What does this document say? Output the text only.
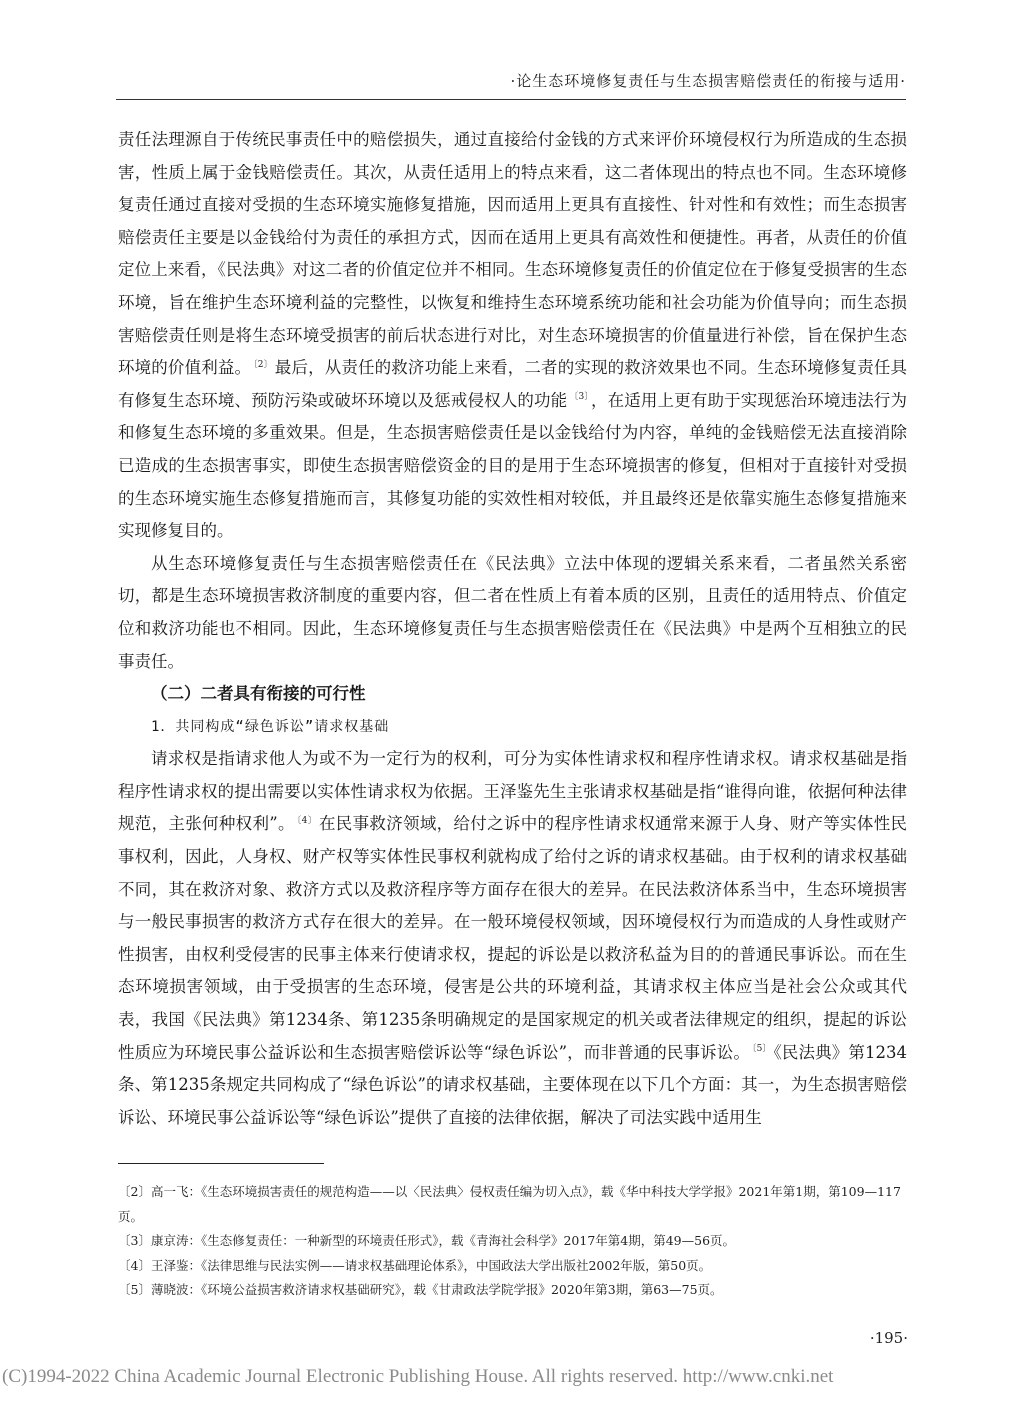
·论生态环境修复责任与生态损害赔偿责任的衔接与适用·

责任法理源自于传统民事责任中的赔偿损失，通过直接给付金钱的方式来评价环境侵权行为所造成的生态损害，性质上属于金钱赔偿责任。其次，从责任适用上的特点来看，这二者体现出的特点也不同。生态环境修复责任通过直接对受损的生态环境实施修复措施，因而适用上更具有直接性、针对性和有效性；而生态损害赔偿责任主要是以金钱给付为责任的承担方式，因而在适用上更具有高效性和便捷性。再者，从责任的价值定位上来看，《民法典》对这二者的价值定位并不相同。生态环境修复责任的价值定位在于修复受损害的生态环境，旨在维护生态环境利益的完整性，以恢复和维持生态环境系统功能和社会功能为价值导向；而生态损害赔偿责任则是将生态环境受损害的前后状态进行对比，对生态环境损害的价值量进行补偿，旨在保护生态环境的价值利益。 $^{〔2〕}$ 最后，从责任的救济功能上来看，二者的实现的救济效果也不同。生态环境修复责任具有修复生态环境、预防污染或破坏环境以及惩戒侵权人的功能 $^{〔3〕}$ ，在适用上更有助于实现惩治环境违法行为和修复生态环境的多重效果。但是，生态损害赔偿责任是以金钱给付为内容，单纯的金钱赔偿无法直接消除已造成的生态损害事实，即使生态损害赔偿资金的目的是用于生态环境损害的修复，但相对于直接针对受损的生态环境实施生态修复措施而言，其修复功能的实效性相对较低，并且最终还是依靠实施生态修复措施来实现修复目的。

从生态环境修复责任与生态损害赔偿责任在《民法典》立法中体现的逻辑关系来看，二者虽然关系密切，都是生态环境损害救济制度的重要内容，但二者在性质上有着本质的区别，且责任的适用特点、价值定位和救济功能也不相同。因此，生态环境修复责任与生态损害赔偿责任在《民法典》中是两个互相独立的民事责任。

（二）二者具有衔接的可行性

1．共同构成“绿色诉讼”请求权基础

请求权是指请求他人为或不为一定行为的权利，可分为实体性请求权和程序性请求权。请求权基础是指程序性请求权的提出需要以实体性请求权为依据。王泽鉴先生主张请求权基础是指“谁得向谁，依据何种法律规范，主张何种权利”。 $^{〔4〕}$ 在民事救济领域，给付之诉中的程序性请求权通常来源于人身、财产等实体性民事权利，因此，人身权、财产权等实体性民事权利就构成了给付之诉的请求权基础。由于权利的请求权基础不同，其在救济对象、救济方式以及救济程序等方面存在很大的差异。在民法救济体系当中，生态环境损害与一般民事损害的救济方式存在很大的差异。在一般环境侵权领域，因环境侵权行为而造成的人身性或财产性损害，由权利受侵害的民事主体来行使请求权，提起的诉讼是以救济私益为目的的普通民事诉讼。而在生态环境损害领域，由于受损害的生态环境，侵害是公共的环境利益，其请求权主体应当是社会公众或其代表，我国《民法典》第1234条、第1235条明确规定的是国家规定的机关或者法律规定的组织，提起的诉讼性质应为环境民事公益诉讼和生态损害赔偿诉讼等“绿色诉讼”，而非普通的民事诉讼。 $^{〔5〕}$ 《民法典》第1234条、第1235条规定共同构成了“绿色诉讼”的请求权基础，主要体现在以下几个方面：其一，为生态损害赔偿诉讼、环境民事公益诉讼等“绿色诉讼”提供了直接的法律依据，解决了司法实践中适用生

〔2〕高一飞：《生态环境损害责任的规范构造——以〈民法典〉侵权责任编为切入点》，载《华中科技大学学报》2021年第1期，第109—117页。
〔3〕康京涛：《生态修复责任：一种新型的环境责任形式》，载《青海社会科学》2017年第4期，第49—56页。
〔4〕王泽鉴：《法律思维与民法实例——请求权基础理论体系》，中国政法大学出版社2002年版，第50页。
〔5〕薄晓波：《环境公益损害救济请求权基础研究》，载《甘肃政法学院学报》2020年第3期，第63—75页。
·195·
(C)1994-2022 China Academic Journal Electronic Publishing House. All rights reserved. http://www.cnki.net
